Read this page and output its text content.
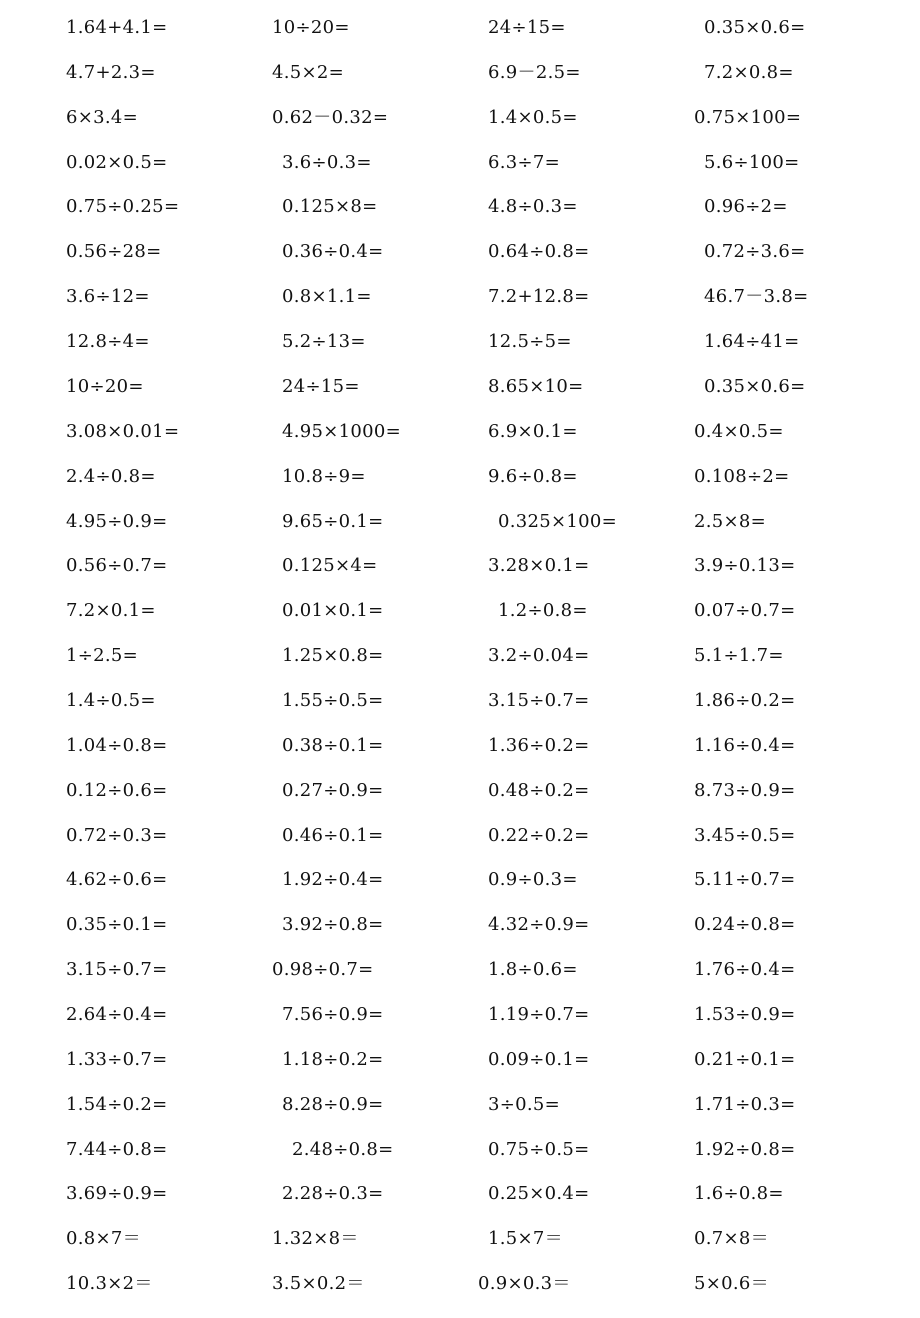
1.64+4.1=	10÷20=	24÷15=	0.35×0.6=
4.7+2.3=	4.5×2=	6.9－2.5=	7.2×0.8=
6×3.4=	0.62－0.32=	1.4×0.5=	0.75×100=
0.02×0.5=	3.6÷0.3=	6.3÷7=	5.6÷100=
0.75÷0.25=	0.125×8=	4.8÷0.3=	0.96÷2=
0.56÷28=	0.36÷0.4=	0.64÷0.8=	0.72÷3.6=
3.6÷12=	0.8×1.1=	7.2+12.8=	46.7－3.8=
12.8÷4=	5.2÷13=	12.5÷5=	1.64÷41=
10÷20=	24÷15=	8.65×10=	0.35×0.6=
3.08×0.01=	4.95×1000=	6.9×0.1=	0.4×0.5=
2.4÷0.8=	10.8÷9=	9.6÷0.8=	0.108÷2=
4.95÷0.9=	9.65÷0.1=	0.325×100=	2.5×8=
0.56÷0.7=	0.125×4=	3.28×0.1=	3.9÷0.13=
7.2×0.1=	0.01×0.1=	1.2÷0.8=	0.07÷0.7=
1÷2.5=	1.25×0.8=	3.2÷0.04=	5.1÷1.7=
1.4÷0.5=	1.55÷0.5=	3.15÷0.7=	1.86÷0.2=
1.04÷0.8=	0.38÷0.1=	1.36÷0.2=	1.16÷0.4=
0.12÷0.6=	0.27÷0.9=	0.48÷0.2=	8.73÷0.9=
0.72÷0.3=	0.46÷0.1=	0.22÷0.2=	3.45÷0.5=
4.62÷0.6=	1.92÷0.4=	0.9÷0.3=	5.11÷0.7=
0.35÷0.1=	3.92÷0.8=	4.32÷0.9=	0.24÷0.8=
3.15÷0.7=	0.98÷0.7=	1.8÷0.6=	1.76÷0.4=
2.64÷0.4=	7.56÷0.9=	1.19÷0.7=	1.53÷0.9=
1.33÷0.7=	1.18÷0.2=	0.09÷0.1=	0.21÷0.1=
1.54÷0.2=	8.28÷0.9=	3÷0.5=	1.71÷0.3=
7.44÷0.8=	2.48÷0.8=	0.75÷0.5=	1.92÷0.8=
3.69÷0.9=	2.28÷0.3=	0.25×0.4=	1.6÷0.8=
0.8×7＝	1.32×8＝	1.5×7＝	0.7×8＝
10.3×2＝	3.5×0.2＝	0.9×0.3＝	5×0.6＝
